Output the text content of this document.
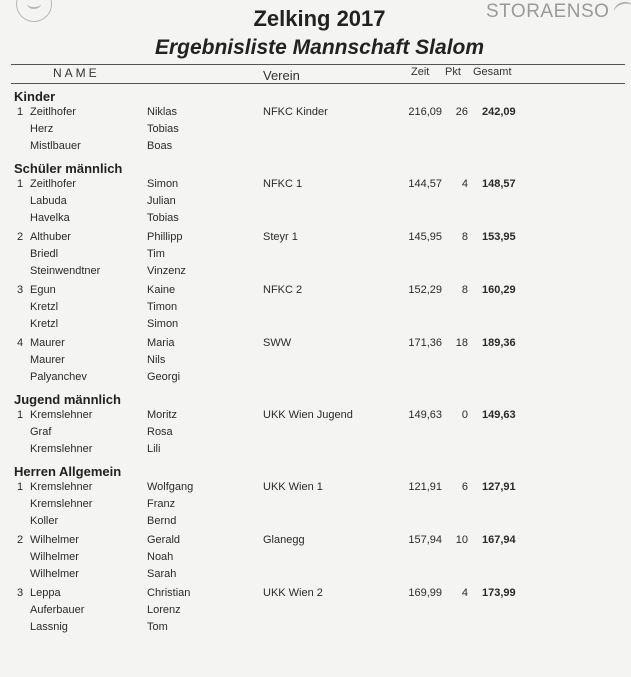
STORAENSO
Zelking 2017
Ergebnisliste Mannschaft Slalom
NAME	Verein	Zeit Pkt Gesamt
Kinder
1 Zeitlhofer	Niklas	NFKC Kinder	216,09	26 242,09
Herz	Tobias
Mistlbauer	Boas
Schüler männlich
1 Zeitlhofer	Simon	NFKC 1	144,57	4 148,57
Labuda	Julian
Havelka	Tobias
2 Althuber	Phillipp	Steyr 1	145,95	8 153,95
Briedl	Tim
Steinwendtner	Vinzenz
3 Egun	Kaine	NFKC 2	152,29	8 160,29
Kretzl	Timon
Kretzl	Simon
4 Maurer	Maria	SWW	171,36	18 189,36
Maurer	Nils
Palyanchev	Georgi
Jugend männlich
1 Kremslehner	Moritz	UKK Wien Jugend	149,63	0 149,63
Graf	Rosa
Kremslehner	Lili
Herren Allgemein
1 Kremslehner	Wolfgang	UKK Wien 1	121,91	6 127,91
Kremslehner	Franz
Koller	Bernd
2 Wilhelmer	Gerald	Glanegg	157,94	10 167,94
Wilhelmer	Noah
Wilhelmer	Sarah
3 Leppa	Christian	UKK Wien 2	169,99	4 173,99
Auferbauer	Lorenz
Lassnig	Tom
